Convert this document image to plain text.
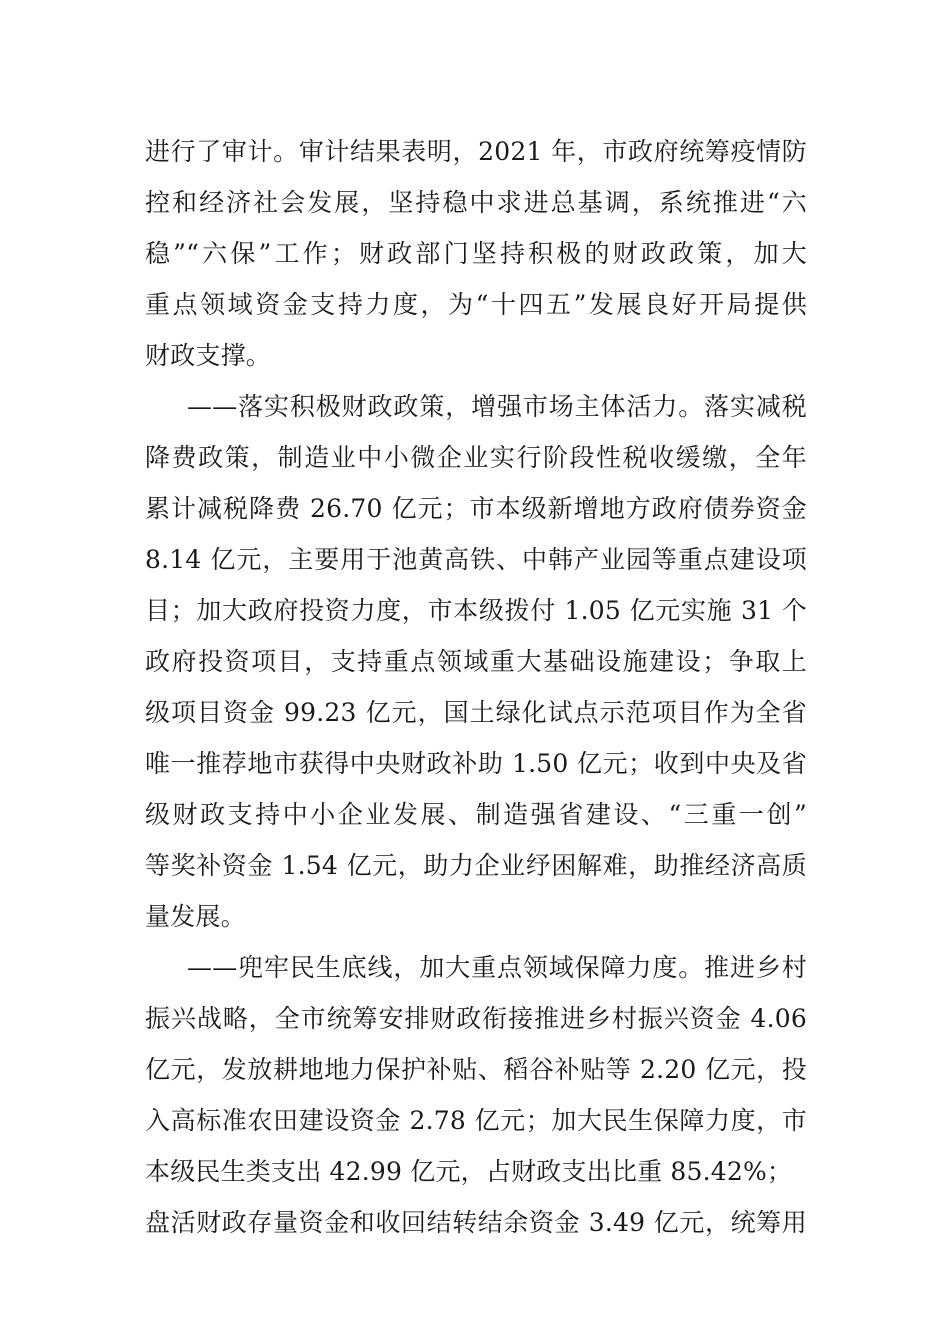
进行了审计。审计结果表明，2021 年，市政府统筹疫情防
控和经济社会发展，坚持稳中求进总基调，系统推进“六
稳”“六保”工作；财政部门坚持积极的财政政策，加大
重点领域资金支持力度，为“十四五”发展良好开局提供
财政支撑。
——落实积极财政政策，增强市场主体活力。落实减税
降费政策，制造业中小微企业实行阶段性税收缓缴，全年
累计减税降费 26.70 亿元；市本级新增地方政府债券资金
8.14 亿元，主要用于池黄高铁、中韩产业园等重点建设项
目；加大政府投资力度，市本级拨付 1.05 亿元实施 31 个
政府投资项目，支持重点领域重大基础设施建设；争取上
级项目资金 99.23 亿元，国土绿化试点示范项目作为全省
唯一推荐地市获得中央财政补助 1.50 亿元；收到中央及省
级财政支持中小企业发展、制造强省建设、“三重一创”
等奖补资金 1.54 亿元，助力企业纾困解难，助推经济高质
量发展。
——兜牢民生底线，加大重点领域保障力度。推进乡村
振兴战略，全市统筹安排财政衔接推进乡村振兴资金 4.06
亿元，发放耕地地力保护补贴、稻谷补贴等 2.20 亿元，投
入高标准农田建设资金 2.78 亿元；加大民生保障力度，市
本级民生类支出 42.99 亿元，占财政支出比重 85.42%；
盘活财政存量资金和收回结转结余资金 3.49 亿元，统筹用
